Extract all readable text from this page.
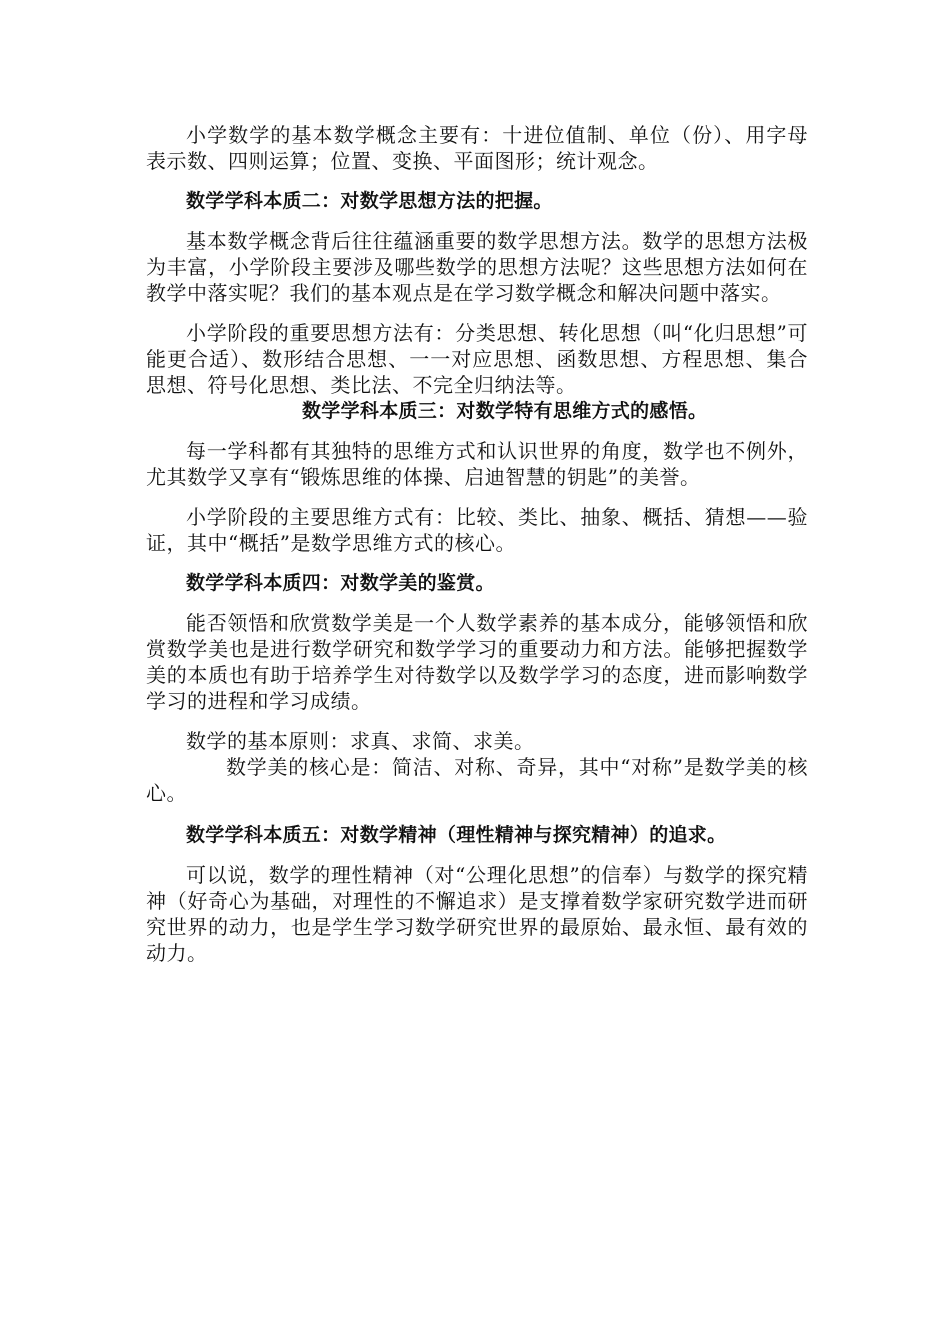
小学数学的基本数学概念主要有：十进位值制、单位（份）、用字母表示数、四则运算；位置、变换、平面图形；统计观念。

数学学科本质二：对数学思想方法的把握。

基本数学概念背后往往蕴涵重要的数学思想方法。数学的思想方法极为丰富，小学阶段主要涉及哪些数学的思想方法呢？这些思想方法如何在教学中落实呢？我们的基本观点是在学习数学概念和解决问题中落实。

小学阶段的重要思想方法有：分类思想、转化思想（叫“化归思想”可能更合适）、数形结合思想、一一对应思想、函数思想、方程思想、集合思想、符号化思想、类比法、不完全归纳法等。

数学学科本质三：对数学特有思维方式的感悟。

每一学科都有其独特的思维方式和认识世界的角度，数学也不例外，尤其数学又享有“锻炼思维的体操、启迪智慧的钥匙”的美誉。

小学阶段的主要思维方式有：比较、类比、抽象、概括、猜想——验证，其中“概括”是数学思维方式的核心。

数学学科本质四：对数学美的鉴赏。

能否领悟和欣赏数学美是一个人数学素养的基本成分，能够领悟和欣赏数学美也是进行数学研究和数学学习的重要动力和方法。能够把握数学美的本质也有助于培养学生对待数学以及数学学习的态度，进而影响数学学习的进程和学习成绩。

数学的基本原则：求真、求简、求美。

数学美的核心是：简洁、对称、奇异，其中“对称”是数学美的核心。

数学学科本质五：对数学精神（理性精神与探究精神）的追求。

可以说，数学的理性精神（对“公理化思想”的信奉）与数学的探究精神（好奇心为基础，对理性的不懈追求）是支撑着数学家研究数学进而研究世界的动力，也是学生学习数学研究世界的最原始、最永恒、最有效的动力。
